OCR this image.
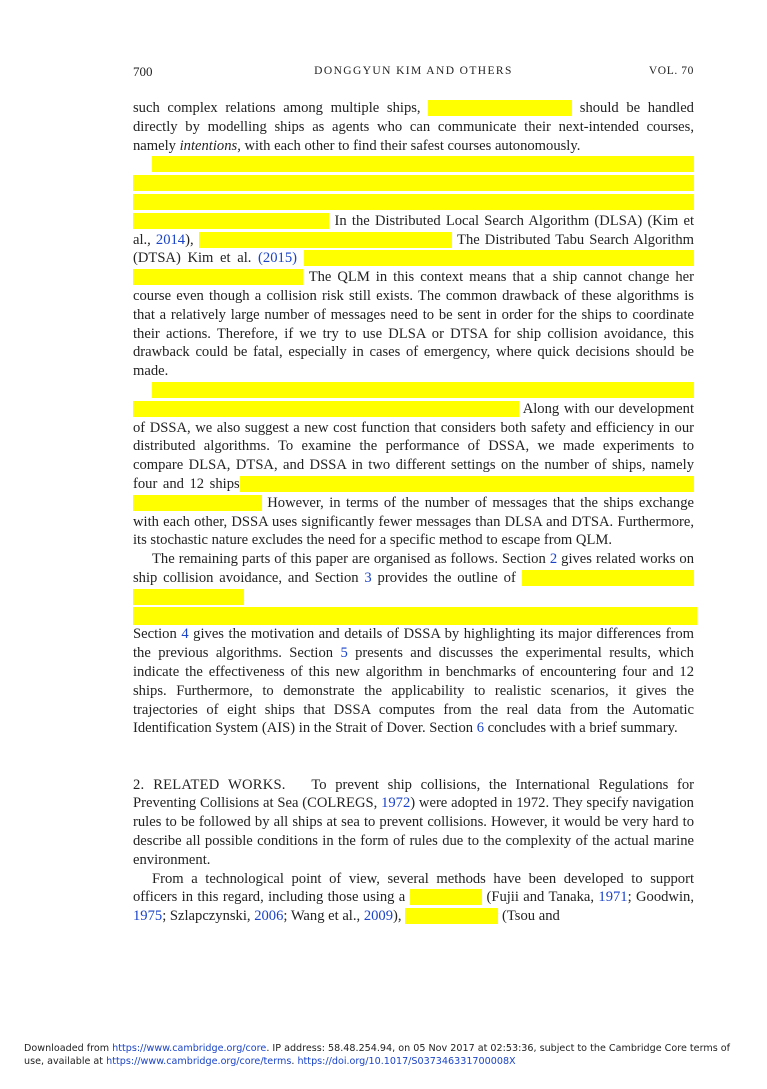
700	DONGGYUN KIM AND OTHERS	VOL. 70

such complex relations among multiple ships, distributed coordination should be handled directly by modelling ships as agents who can communicate their next-intended courses, namely intentions, with each other to find their safest courses autonomously.

Our prior studies have applied distributed constraint optimisation to the ship collision avoidance problem and proposed algorithms that let each ship decide her own course by exchanging intentions with the other ships in the encounter. Both approaches however show typical problems of local search. In the Distributed Local Search Algorithm (DLSA) (Kim et al., 2014), ships can fall into a quasi-local minimum. The Distributed Tabu Search Algorithm (DTSA) Kim et al. (2015) escapes it with a tabu list, but it requires many more message exchanges among the ships. The QLM in this context means that a ship cannot change her course even though a collision risk still exists. The common drawback of these algorithms is that a relatively large number of messages need to be sent in order for the ships to coordinate their actions. Therefore, if we try to use DLSA or DTSA for ship collision avoidance, this drawback could be fatal, especially in cases of emergency, where quick decisions should be made.

In this paper we propose a new algorithm, the Distributed Stochastic Search Algorithm (DSSA), in which each ship changes her intention stochastically. Along with our development of DSSA, we also suggest a new cost function that considers both safety and efficiency in our distributed algorithms. To examine the performance of DSSA, we made experiments to compare DLSA, DTSA, and DSSA in two different settings on the number of ships, namely four and 12 ships. The results show that DSSA achieves a success rate comparable with the other two algorithms. However, in terms of the number of messages that the ships exchange with each other, DSSA uses significantly fewer messages than DLSA and DTSA. Furthermore, its stochastic nature excludes the need for a specific method to escape from QLM.

The remaining parts of this paper are organised as follows. Section 2 gives related works on ship collision avoidance, and Section 3 provides the outline of the distributed ship collision avoidance problem
and how it is formulated as a distributed constraint optimisation.
Section 4 gives the motivation and details of DSSA by highlighting its major differences from the previous algorithms. Section 5 presents and discusses the experimental results, which indicate the effectiveness of this new algorithm in benchmarks of encountering four and 12 ships. Furthermore, to demonstrate the applicability to realistic scenarios, it gives the trajectories of eight ships that DSSA computes from the real data from the Automatic Identification System (AIS) in the Strait of Dover. Section 6 concludes with a brief summary.

2. RELATED WORKS. To prevent ship collisions, the International Regulations for Preventing Collisions at Sea (COLREGS, 1972) were adopted in 1972. They specify navigation rules to be followed by all ships at sea to prevent collisions. However, it would be very hard to describe all possible conditions in the form of rules due to the complexity of the actual marine environment.

From a technological point of view, several methods have been developed to support officers in this regard, including those using a ship domain (Fujii and Tanaka, 1971; Goodwin, 1975; Szlapczynski, 2006; Wang et al., 2009), fuzzy set theory (Tsou and

Downloaded from https://www.cambridge.org/core. IP address: 58.48.254.94, on 05 Nov 2017 at 02:53:36, subject to the Cambridge Core terms of use, available at https://www.cambridge.org/core/terms. https://doi.org/10.1017/S037346331700008X
